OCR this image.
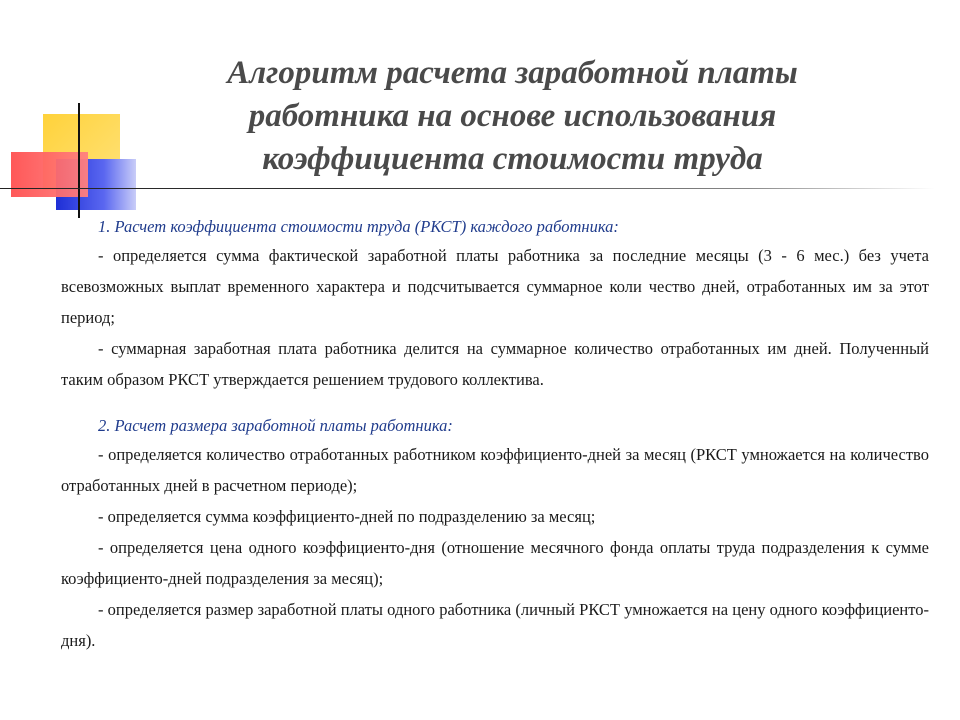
Алгоритм расчета заработной платы
работника на основе использования
коэффициента стоимости труда
1. Расчет коэффициента стоимости труда (РКСТ) каждого работника:

- определяется сумма фактической заработной платы работника за последние месяцы (3 - 6 мес.) без учета всевозможных выплат временного характера и подсчитывается суммарное коли чество дней, отработанных им за этот период;

- суммарная заработная плата работника делится на суммарное количество отработанных им дней. Полученный таким образом РКСТ утверждается решением трудового коллектива.

2. Расчет размера заработной платы работника:

- определяется количество отработанных работником коэффициенто-дней за месяц (РКСТ умножается на количество отработанных дней в расчетном периоде);

- определяется сумма коэффициенто-дней по подразделению за месяц;

- определяется цена одного коэффициенто-дня (отношение месячного фонда оплаты труда подразделения к сумме коэффициенто-дней подразделения за месяц);

- определяется размер заработной платы одного работника (личный РКСТ умножается на цену одного коэффициенто-дня).
